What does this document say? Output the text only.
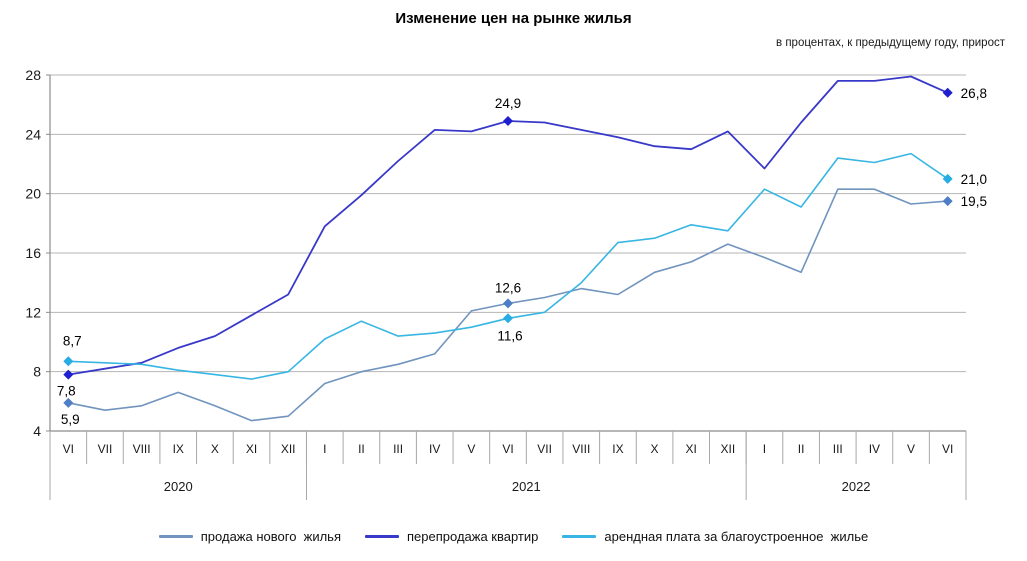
Изменение цен на рынке жилья
в процентах, к предыдущему году, прирост
4
8
12
16
20
24
28
VI VII VIII IX X XI XII I	II III IV V VI VII VIII IX X XI XII I	II III IV V VI
2020	2021	2022
8,7
7,8
5,9
24,9
12,6
11,6
26,8
21,0
19,5
продажа нового  жилья	перепродажа квартир	арендная плата за благоустроенное  жилье
